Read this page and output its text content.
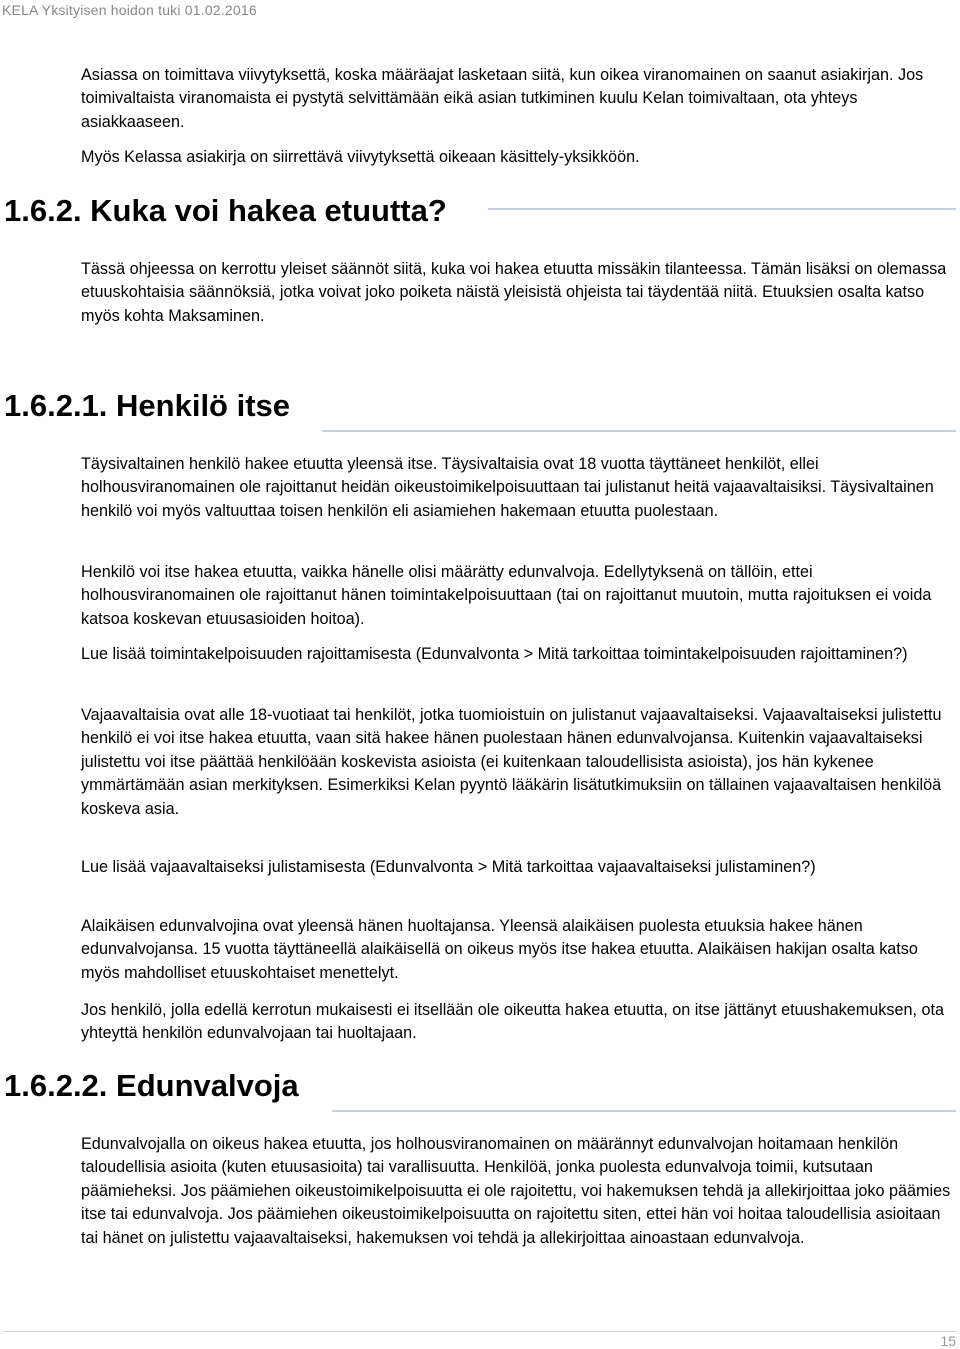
KELA Yksityisen hoidon tuki 01.02.2016

Asiassa on toimittava viivytyksettä, koska määräajat lasketaan siitä, kun oikea viranomainen on saanut asiakirjan. Jos toimivaltaista viranomaista ei pystytä selvittämään eikä asian tutkiminen kuulu Kelan toimivaltaan, ota yhteys asiakkaaseen.

Myös Kelassa asiakirja on siirrettävä viivytyksettä oikeaan käsittely-yksikköön.

1.6.2. Kuka voi hakea etuutta?

Tässä ohjeessa on kerrottu yleiset säännöt siitä, kuka voi hakea etuutta missäkin tilanteessa. Tämän lisäksi on olemassa etuuskohtaisia säännöksiä, jotka voivat joko poiketa näistä yleisistä ohjeista tai täydentää niitä. Etuuksien osalta katso myös kohta Maksaminen.

1.6.2.1. Henkilö itse

Täysivaltainen henkilö hakee etuutta yleensä itse. Täysivaltaisia ovat 18 vuotta täyttäneet henkilöt, ellei holhousviranomainen ole rajoittanut heidän oikeustoimikelpoisuuttaan tai julistanut heitä vajaavaltaisiksi. Täysivaltainen henkilö voi myös valtuuttaa toisen henkilön eli asiamiehen hakemaan etuutta puolestaan.

Henkilö voi itse hakea etuutta, vaikka hänelle olisi määrätty edunvalvoja. Edellytyksenä on tällöin, ettei holhousviranomainen ole rajoittanut hänen toimintakelpoisuuttaan (tai on rajoittanut muutoin, mutta rajoituksen ei voida katsoa koskevan etuusasioiden hoitoa).

Lue lisää toimintakelpoisuuden rajoittamisesta (Edunvalvonta > Mitä tarkoittaa toimintakelpoisuuden rajoittaminen?)

Vajaavaltaisia ovat alle 18-vuotiaat tai henkilöt, jotka tuomioistuin on julistanut vajaavaltaiseksi. Vajaavaltaiseksi julistettu henkilö ei voi itse hakea etuutta, vaan sitä hakee hänen puolestaan hänen edunvalvojansa. Kuitenkin vajaavaltaiseksi julistettu voi itse päättää henkilöään koskevista asioista (ei kuitenkaan taloudellisista asioista), jos hän kykenee ymmärtämään asian merkityksen. Esimerkiksi Kelan pyyntö lääkärin lisätutkimuksiin on tällainen vajaavaltaisen henkilöä koskeva asia.

Lue lisää vajaavaltaiseksi julistamisesta (Edunvalvonta > Mitä tarkoittaa vajaavaltaiseksi julistaminen?)

Alaikäisen edunvalvojina ovat yleensä hänen huoltajansa. Yleensä alaikäisen puolesta etuuksia hakee hänen edunvalvojansa. 15 vuotta täyttäneellä alaikäisellä on oikeus myös itse hakea etuutta. Alaikäisen hakijan osalta katso myös mahdolliset etuuskohtaiset menettelyt.

Jos henkilö, jolla edellä kerrotun mukaisesti ei itsellään ole oikeutta hakea etuutta, on itse jättänyt etuushakemuksen, ota yhteyttä henkilön edunvalvojaan tai huoltajaan.

1.6.2.2. Edunvalvoja

Edunvalvojalla on oikeus hakea etuutta, jos holhousviranomainen on määrännyt edunvalvojan hoitamaan henkilön taloudellisia asioita (kuten etuusasioita) tai varallisuutta. Henkilöä, jonka puolesta edunvalvoja toimii, kutsutaan päämieheksi. Jos päämiehen oikeustoimikelpoisuutta ei ole rajoitettu, voi hakemuksen tehdä ja allekirjoittaa joko päämies itse tai edunvalvoja. Jos päämiehen oikeustoimikelpoisuutta on rajoitettu siten, ettei hän voi hoitaa taloudellisia asioitaan tai hänet on julistettu vajaavaltaiseksi, hakemuksen voi tehdä ja allekirjoittaa ainoastaan edunvalvoja.

15
